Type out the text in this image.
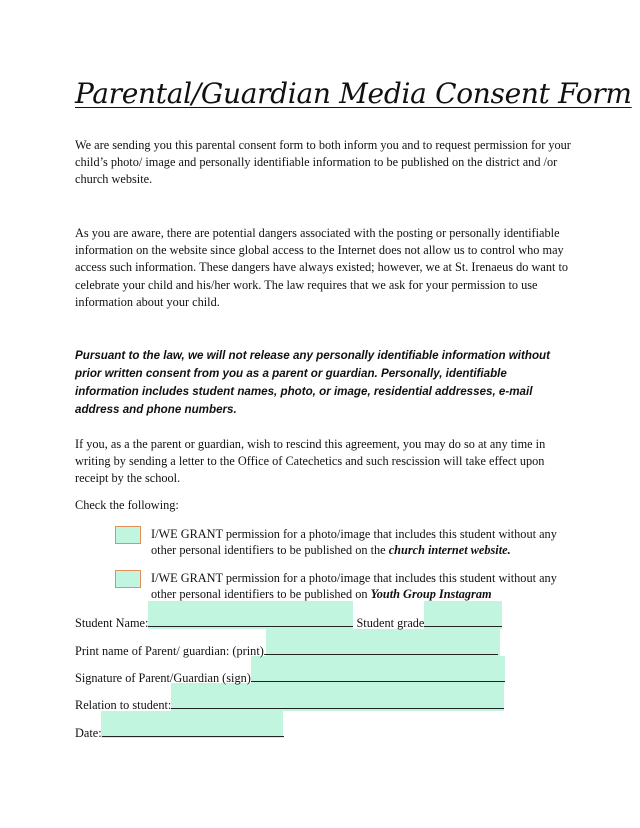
Parental/Guardian Media Consent Form

We are sending you this parental consent form to both inform you and to request permission for your child’s photo/ image and personally identifiable information to be published on the district and /or church website.

As you are aware, there are potential dangers associated with the posting or personally identifiable information on the website since global access to the Internet does not allow us to control who may access such information. These dangers have always existed; however, we at St. Irenaeus do want to celebrate your child and his/her work. The law requires that we ask for your permission to use information about your child.

Pursuant to the law, we will not release any personally identifiable information without prior written consent from you as a parent or guardian. Personally, identifiable information includes student names, photo, or image, residential addresses, e-mail address and phone numbers.

If you, as a the parent or guardian, wish to rescind this agreement, you may do so at any time in writing by sending a letter to the Office of Catechetics and such rescission will take effect upon receipt by the school.

Check the following:
I/WE GRANT permission for a photo/image that includes this student without any other personal identifiers to be published on the church internet website.
I/WE GRANT permission for a photo/image that includes this student without any other personal identifiers to be published on Youth Group Instagram
Student Name:	Student grade
Print name of Parent/ guardian: (print)
Signature of Parent/Guardian (sign)
Relation to student:
Date:
